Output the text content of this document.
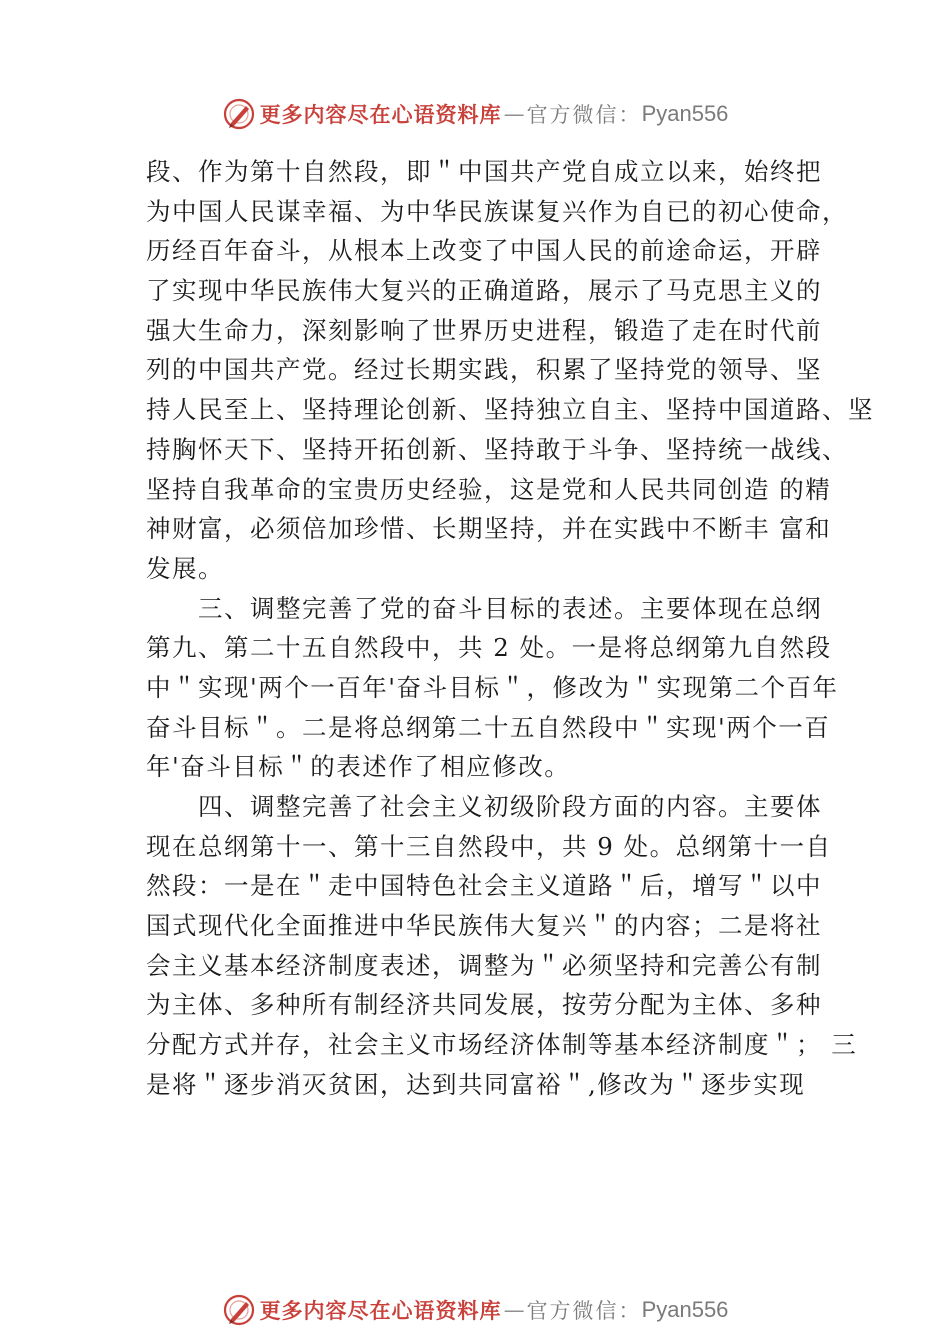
更多内容尽在心语资料库 — 官方微信： Pyan556
段、作为第十自然段，即＂中国共产党自成立以来，始终把
为中国人民谋幸福、为中华民族谋复兴作为自已的初心使命，
历经百年奋斗，从根本上改变了中国人民的前途命运，开辟
了实现中华民族伟大复兴的正确道路，展示了马克思主义的
强大生命力，深刻影响了世界历史进程，锻造了走在时代前
列的中国共产党。经过长期实践，积累了坚持党的领导、坚
持人民至上、坚持理论创新、坚持独立自主、坚持中国道路、坚
持胸怀天下、坚持开拓创新、坚持敢于斗争、坚持统一战线、
坚持自我革命的宝贵历史经验，这是党和人民共同创造 的精
神财富，必须倍加珍惜、长期坚持，并在实践中不断丰 富和
发展。
　　三、调整完善了党的奋斗目标的表述。主要体现在总纲
第九、第二十五自然段中，共 2 处。一是将总纲第九自然段
中＂实现'两个一百年'奋斗目标＂，修改为＂实现第二个百年
奋斗目标＂。二是将总纲第二十五自然段中＂实现'两个一百
年'奋斗目标＂的表述作了相应修改。
　　四、调整完善了社会主义初级阶段方面的内容。主要体
现在总纲第十一、第十三自然段中，共 9 处。总纲第十一自
然段：一是在＂走中国特色社会主义道路＂后，增写＂以中
国式现代化全面推进中华民族伟大复兴＂的内容；二是将社
会主义基本经济制度表述，调整为＂必须坚持和完善公有制
为主体、多种所有制经济共同发展，按劳分配为主体、多种
分配方式并存，社会主义市场经济体制等基本经济制度＂； 三
是将＂逐步消灭贫困，达到共同富裕＂,修改为＂逐步实现
更多内容尽在心语资料库 — 官方微信： Pyan556
